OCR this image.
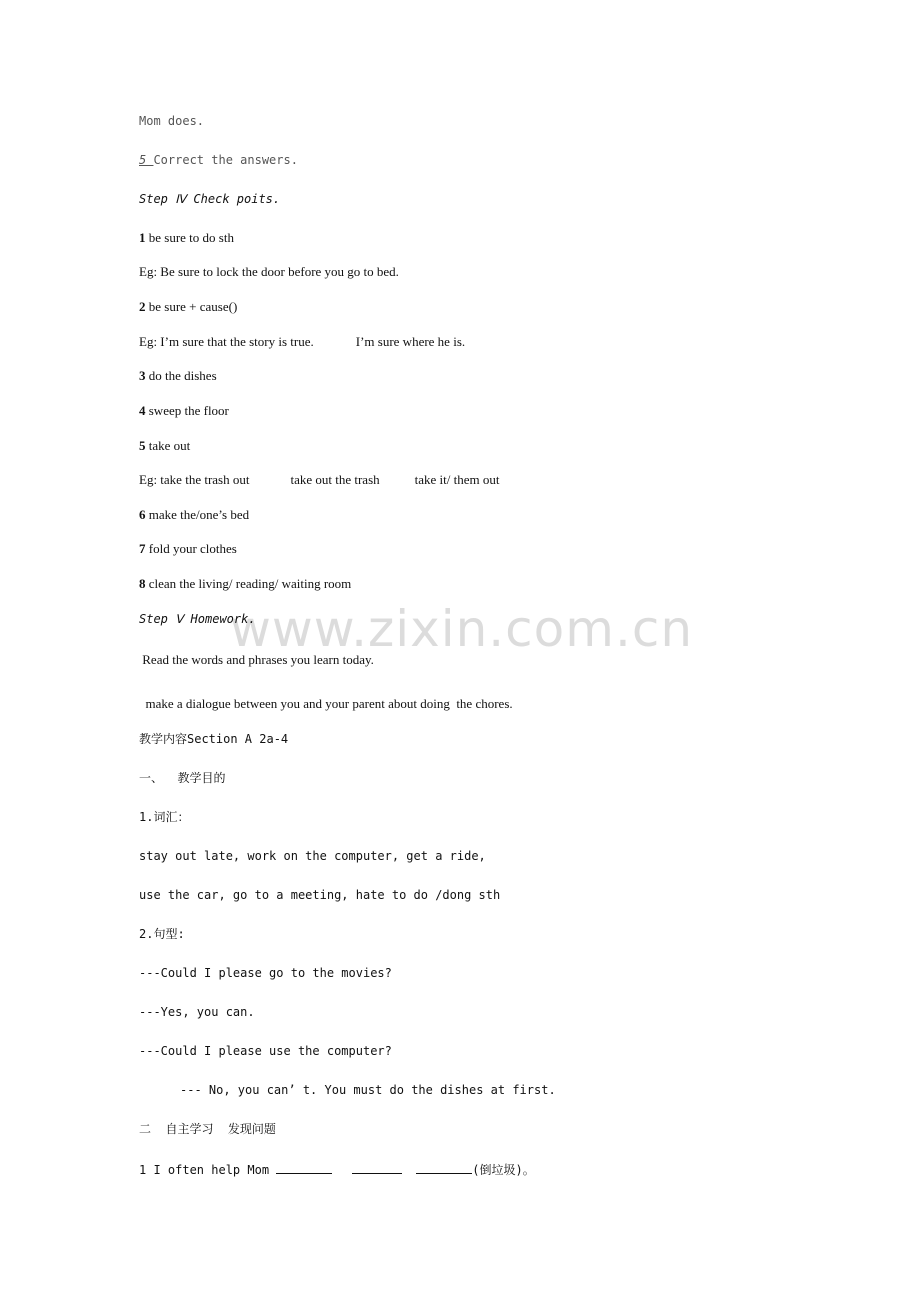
www.zixin.com.cn
Mom does.
5 Correct the answers.
Step Ⅳ Check poits.
1 be sure to do sth
Eg: Be sure to lock the door before you go to bed.
2 be sure + cause()
Eg: I’m sure that the story is true.	I’m sure where he is.
3 do the dishes
4 sweep the floor
5 take out
Eg: take the trash out	take out the trash	take it/ them out
6 make the/one’s bed
7 fold your clothes
8 clean the living/ reading/ waiting room
Step Ⅴ Homework.
Read the words and phrases you learn today.
make a dialogue between you and your parent about doing  the chores.
教学内容Section A 2a-4
一、  教学目的
1.词汇：
stay out late, work on the computer, get a ride,
use the car, go to a meeting, hate to do /dong sth
2.句型:
---Could I please go to the movies?
---Yes, you can.
---Could I please use the computer?
--- No, you can’ t. You must do the dishes at first.
二  自主学习  发现问题
1 I often help Mom	(倒垃圾)。
